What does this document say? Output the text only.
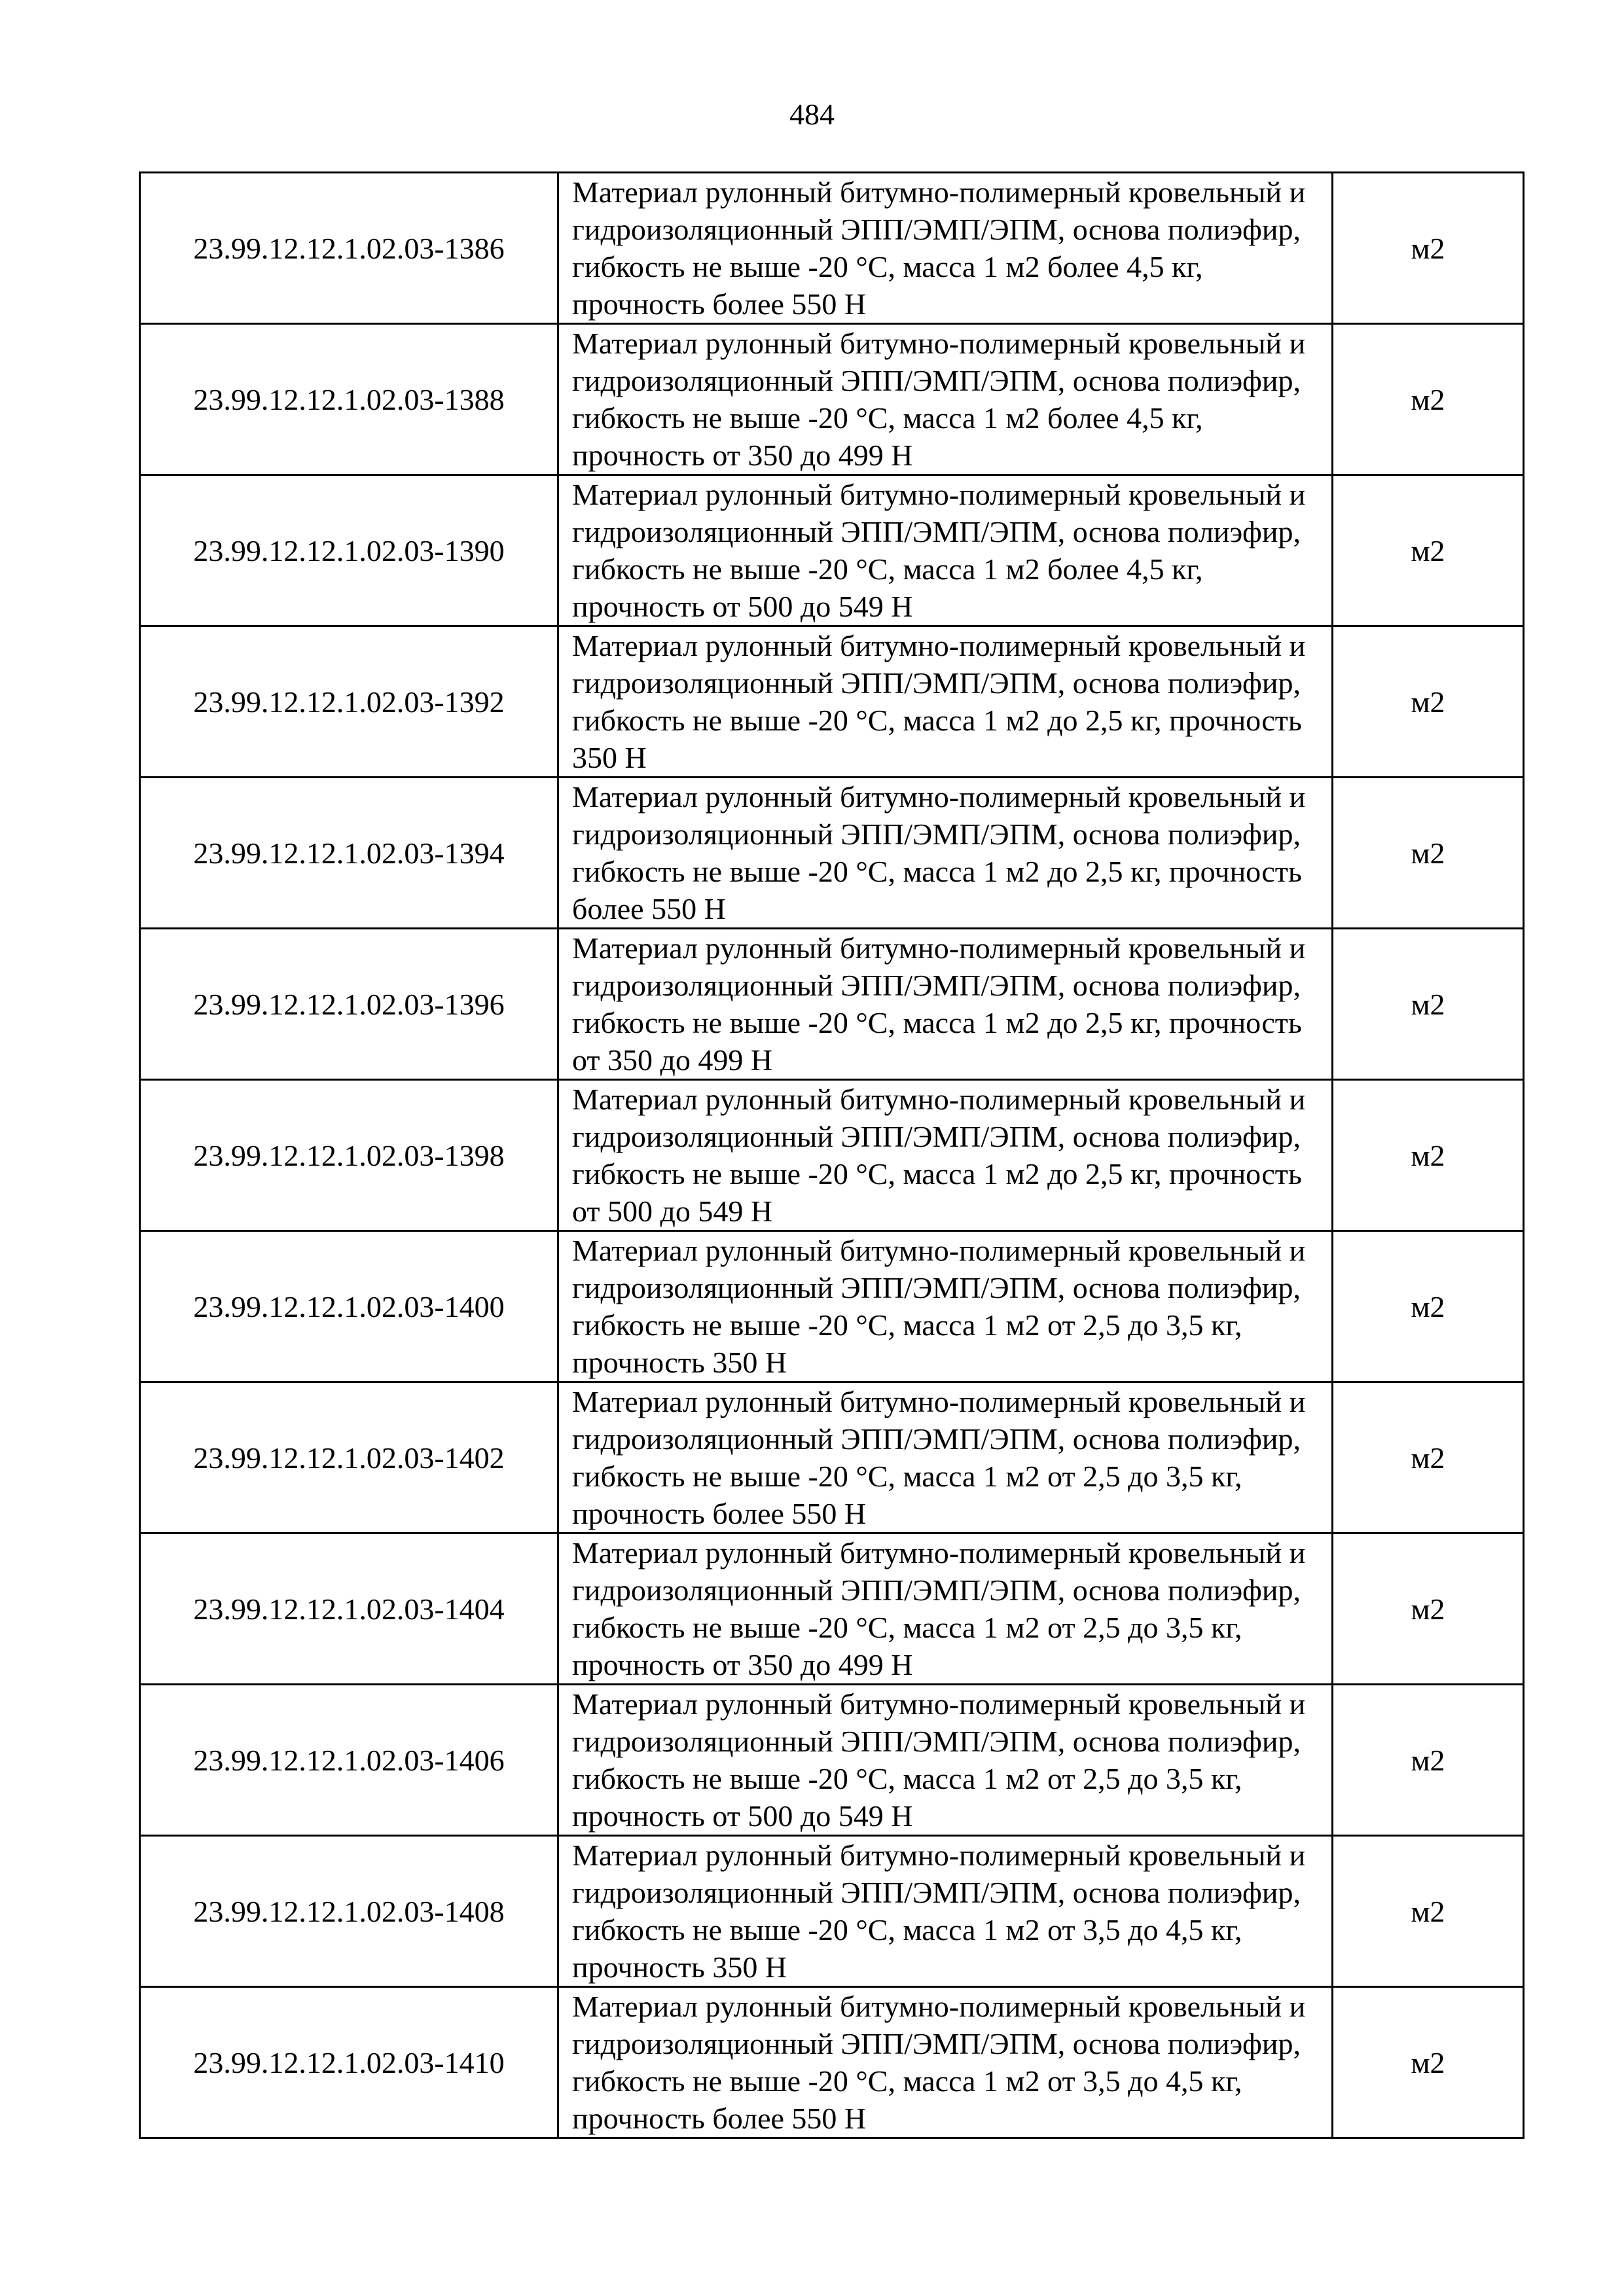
484
23.99.12.12.1.02.03-1386	Материал рулонный битумно-полимерный кровельный и гидроизоляционный ЭПП/ЭМП/ЭПМ, основа полиэфир, гибкость не выше -20 °С, масса 1 м2 более 4,5 кг, прочность более 550 Н	м2
23.99.12.12.1.02.03-1388	Материал рулонный битумно-полимерный кровельный и гидроизоляционный ЭПП/ЭМП/ЭПМ, основа полиэфир, гибкость не выше -20 °С, масса 1 м2 более 4,5 кг, прочность от 350 до 499 Н	м2
23.99.12.12.1.02.03-1390	Материал рулонный битумно-полимерный кровельный и гидроизоляционный ЭПП/ЭМП/ЭПМ, основа полиэфир, гибкость не выше -20 °С, масса 1 м2 более 4,5 кг, прочность от 500 до 549 Н	м2
23.99.12.12.1.02.03-1392	Материал рулонный битумно-полимерный кровельный и гидроизоляционный ЭПП/ЭМП/ЭПМ, основа полиэфир, гибкость не выше -20 °С, масса 1 м2 до 2,5 кг, прочность 350 Н	м2
23.99.12.12.1.02.03-1394	Материал рулонный битумно-полимерный кровельный и гидроизоляционный ЭПП/ЭМП/ЭПМ, основа полиэфир, гибкость не выше -20 °С, масса 1 м2 до 2,5 кг, прочность более 550 Н	м2
23.99.12.12.1.02.03-1396	Материал рулонный битумно-полимерный кровельный и гидроизоляционный ЭПП/ЭМП/ЭПМ, основа полиэфир, гибкость не выше -20 °С, масса 1 м2 до 2,5 кг, прочность от 350 до 499 Н	м2
23.99.12.12.1.02.03-1398	Материал рулонный битумно-полимерный кровельный и гидроизоляционный ЭПП/ЭМП/ЭПМ, основа полиэфир, гибкость не выше -20 °С, масса 1 м2 до 2,5 кг, прочность от 500 до 549 Н	м2
23.99.12.12.1.02.03-1400	Материал рулонный битумно-полимерный кровельный и гидроизоляционный ЭПП/ЭМП/ЭПМ, основа полиэфир, гибкость не выше -20 °С, масса 1 м2 от 2,5 до 3,5 кг, прочность 350 Н	м2
23.99.12.12.1.02.03-1402	Материал рулонный битумно-полимерный кровельный и гидроизоляционный ЭПП/ЭМП/ЭПМ, основа полиэфир, гибкость не выше -20 °С, масса 1 м2 от 2,5 до 3,5 кг, прочность более 550 Н	м2
23.99.12.12.1.02.03-1404	Материал рулонный битумно-полимерный кровельный и гидроизоляционный ЭПП/ЭМП/ЭПМ, основа полиэфир, гибкость не выше -20 °С, масса 1 м2 от 2,5 до 3,5 кг, прочность от 350 до 499 Н	м2
23.99.12.12.1.02.03-1406	Материал рулонный битумно-полимерный кровельный и гидроизоляционный ЭПП/ЭМП/ЭПМ, основа полиэфир, гибкость не выше -20 °С, масса 1 м2 от 2,5 до 3,5 кг, прочность от 500 до 549 Н	м2
23.99.12.12.1.02.03-1408	Материал рулонный битумно-полимерный кровельный и гидроизоляционный ЭПП/ЭМП/ЭПМ, основа полиэфир, гибкость не выше -20 °С, масса 1 м2 от 3,5 до 4,5 кг, прочность 350 Н	м2
23.99.12.12.1.02.03-1410	Материал рулонный битумно-полимерный кровельный и гидроизоляционный ЭПП/ЭМП/ЭПМ, основа полиэфир, гибкость не выше -20 °С, масса 1 м2 от 3,5 до 4,5 кг, прочность более 550 Н	м2
